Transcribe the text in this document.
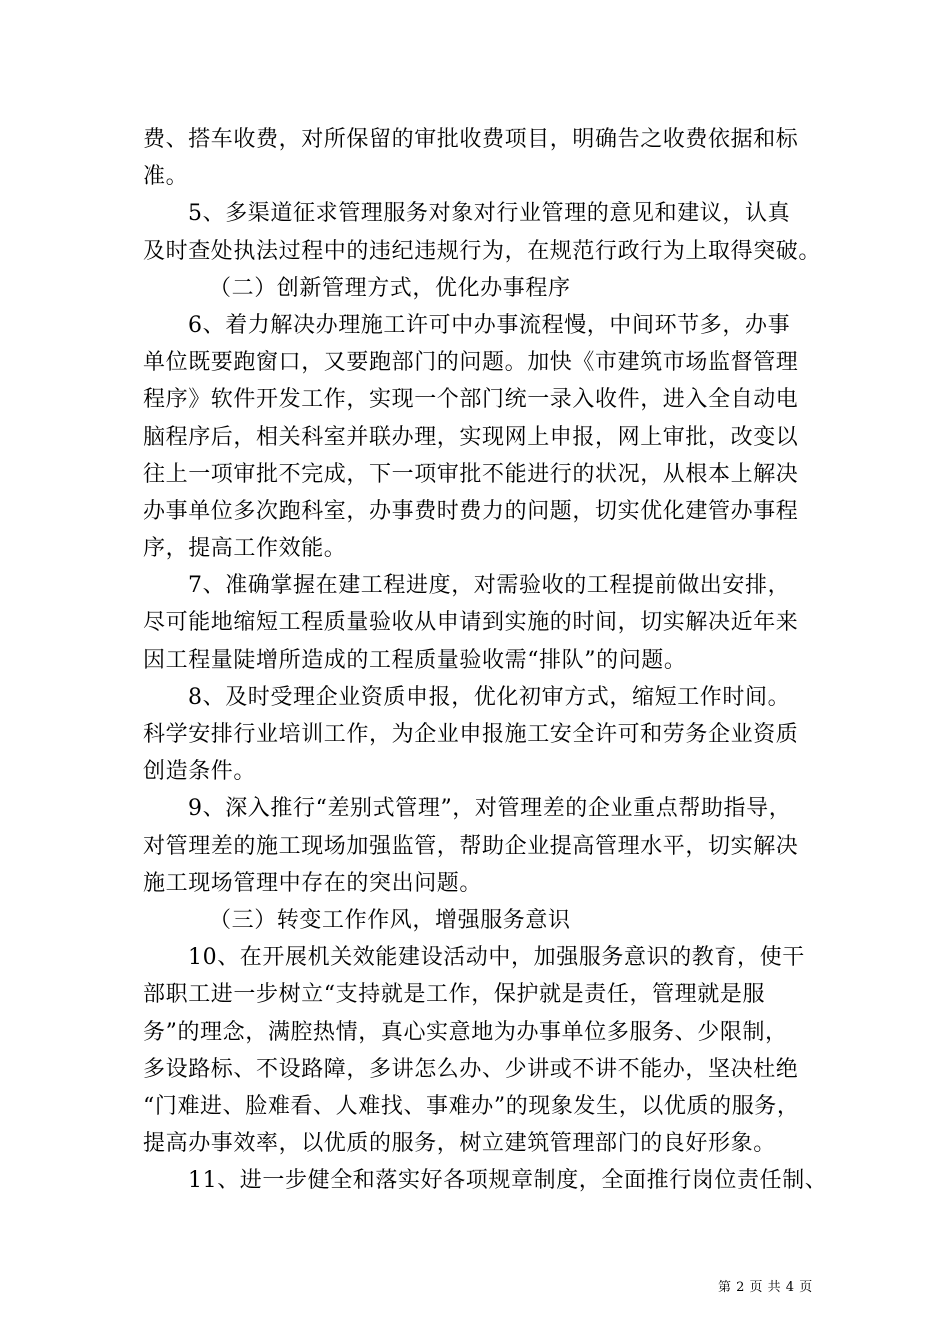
费、搭车收费，对所保留的审批收费项目，明确告之收费依据和标
准。
5、多渠道征求管理服务对象对行业管理的意见和建议，认真
及时查处执法过程中的违纪违规行为，在规范行政行为上取得突破。
（二）创新管理方式，优化办事程序
6、着力解决办理施工许可中办事流程慢，中间环节多，办事
单位既要跑窗口，又要跑部门的问题。加快《市建筑市场监督管理
程序》软件开发工作，实现一个部门统一录入收件，进入全自动电
脑程序后，相关科室并联办理，实现网上申报，网上审批，改变以
往上一项审批不完成，下一项审批不能进行的状况，从根本上解决
办事单位多次跑科室，办事费时费力的问题，切实优化建管办事程
序，提高工作效能。
7、准确掌握在建工程进度，对需验收的工程提前做出安排，
尽可能地缩短工程质量验收从申请到实施的时间，切实解决近年来
因工程量陡增所造成的工程质量验收需“排队”的问题。
8、及时受理企业资质申报，优化初审方式，缩短工作时间。
科学安排行业培训工作，为企业申报施工安全许可和劳务企业资质
创造条件。
9、深入推行“差别式管理”，对管理差的企业重点帮助指导，
对管理差的施工现场加强监管，帮助企业提高管理水平，切实解决
施工现场管理中存在的突出问题。
（三）转变工作作风，增强服务意识
10、在开展机关效能建设活动中，加强服务意识的教育，使干
部职工进一步树立“支持就是工作，保护就是责任，管理就是服
务”的理念，满腔热情，真心实意地为办事单位多服务、少限制，
多设路标、不设路障，多讲怎么办、少讲或不讲不能办，坚决杜绝
“门难进、脸难看、人难找、事难办”的现象发生，以优质的服务，
提高办事效率，以优质的服务，树立建筑管理部门的良好形象。
11、进一步健全和落实好各项规章制度，全面推行岗位责任制、
第 2 页 共 4 页
